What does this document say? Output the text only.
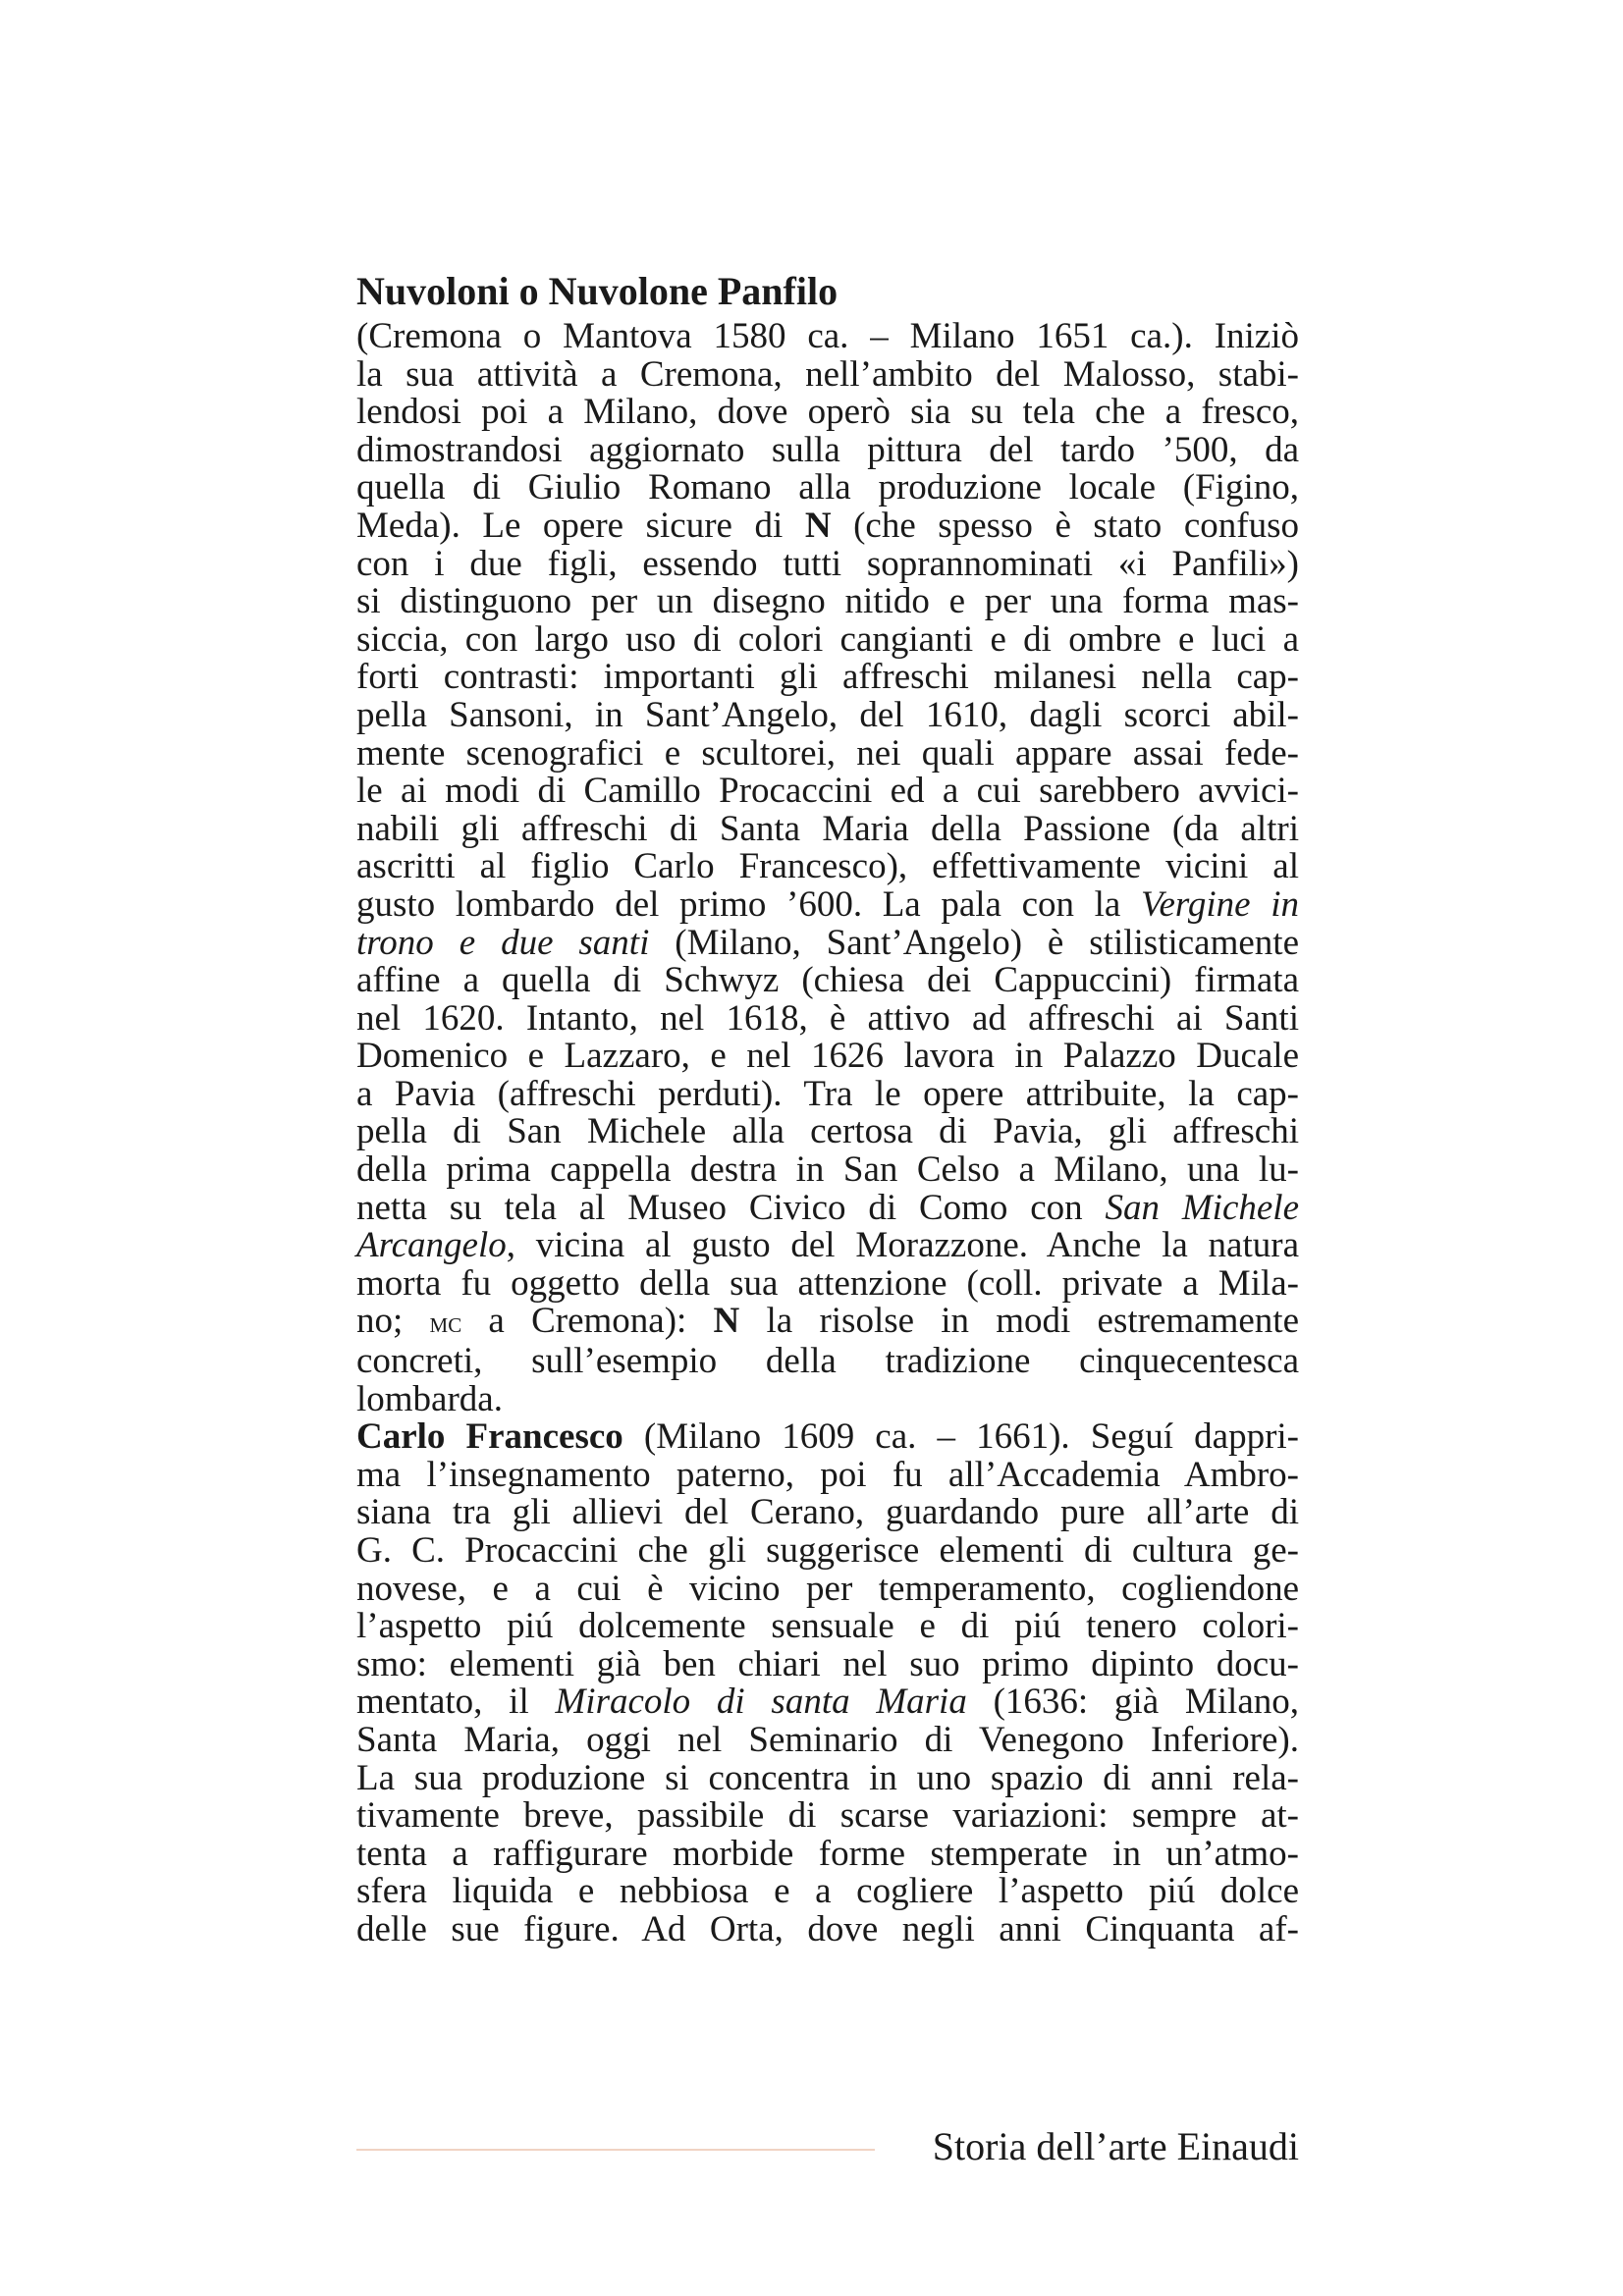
Nuvoloni o Nuvolone Panfilo
(Cremona o Mantova 1580 ca. – Milano 1651 ca.). Iniziò
la sua attività a Cremona, nell’ambito del Malosso, stabi-
lendosi poi a Milano, dove operò sia su tela che a fresco,
dimostrandosi aggiornato sulla pittura del tardo ’500, da
quella di Giulio Romano alla produzione locale (Figino,
Meda). Le opere sicure di N (che spesso è stato confuso
con i due figli, essendo tutti soprannominati «i Panfili»)
si distinguono per un disegno nitido e per una forma mas-
siccia, con largo uso di colori cangianti e di ombre e luci a
forti contrasti: importanti gli affreschi milanesi nella cap-
pella Sansoni, in Sant’Angelo, del 1610, dagli scorci abil-
mente scenografici e scultorei, nei quali appare assai fede-
le ai modi di Camillo Procaccini ed a cui sarebbero avvici-
nabili gli affreschi di Santa Maria della Passione (da altri
ascritti al figlio Carlo Francesco), effettivamente vicini al
gusto lombardo del primo ’600. La pala con la Vergine in
trono e due santi (Milano, Sant’Angelo) è stilisticamente
affine a quella di Schwyz (chiesa dei Cappuccini) firmata
nel 1620. Intanto, nel 1618, è attivo ad affreschi ai Santi
Domenico e Lazzaro, e nel 1626 lavora in Palazzo Ducale
a Pavia (affreschi perduti). Tra le opere attribuite, la cap-
pella di San Michele alla certosa di Pavia, gli affreschi
della prima cappella destra in San Celso a Milano, una lu-
netta su tela al Museo Civico di Como con San Michele
Arcangelo, vicina al gusto del Morazzone. Anche la natura
morta fu oggetto della sua attenzione (coll. private a Mila-
no; mc a Cremona): N la risolse in modi estremamente
concreti, sull’esempio della tradizione cinquecentesca
lombarda.
Carlo Francesco (Milano 1609 ca. – 1661). Seguí dappri-
ma l’insegnamento paterno, poi fu all’Accademia Ambro-
siana tra gli allievi del Cerano, guardando pure all’arte di
G. C. Procaccini che gli suggerisce elementi di cultura ge-
novese, e a cui è vicino per temperamento, cogliendone
l’aspetto piú dolcemente sensuale e di piú tenero colori-
smo: elementi già ben chiari nel suo primo dipinto docu-
mentato, il Miracolo di santa Maria (1636: già Milano,
Santa Maria, oggi nel Seminario di Venegono Inferiore).
La sua produzione si concentra in uno spazio di anni rela-
tivamente breve, passibile di scarse variazioni: sempre at-
tenta a raffigurare morbide forme stemperate in un’atmo-
sfera liquida e nebbiosa e a cogliere l’aspetto piú dolce
delle sue figure. Ad Orta, dove negli anni Cinquanta af-
Storia dell’arte Einaudi
